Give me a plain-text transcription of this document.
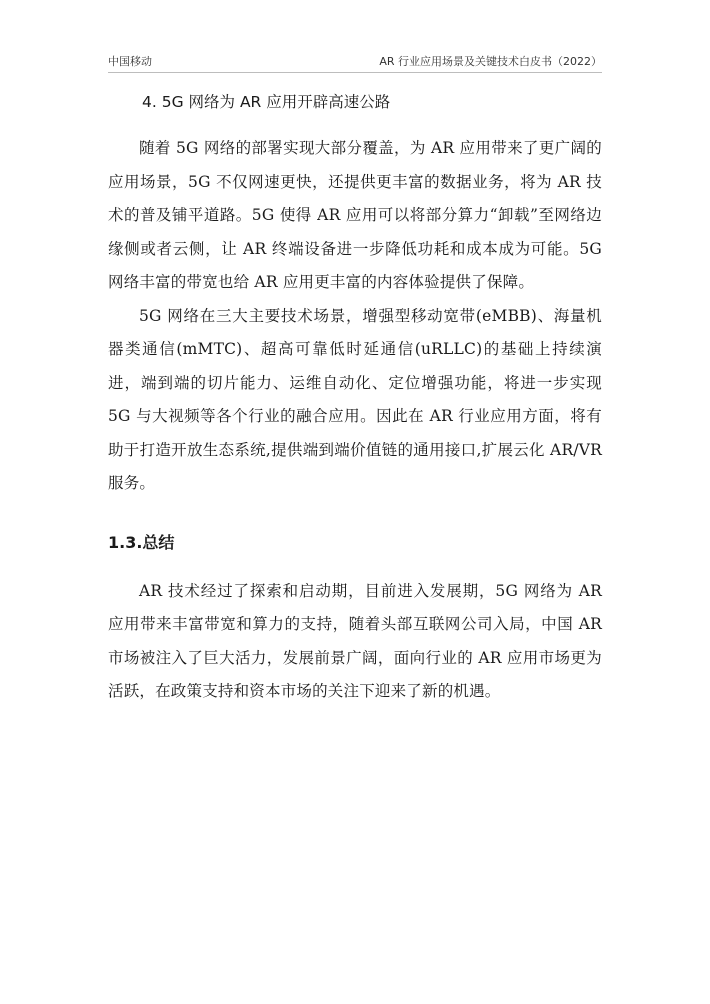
中国移动	AR 行业应用场景及关键技术白皮书（2022）
4. 5G 网络为 AR 应用开辟高速公路

随着 5G 网络的部署实现大部分覆盖，为 AR 应用带来了更广阔的应用场景，5G 不仅网速更快，还提供更丰富的数据业务，将为 AR 技术的普及铺平道路。5G 使得 AR 应用可以将部分算力“卸载”至网络边缘侧或者云侧，让 AR 终端设备进一步降低功耗和成本成为可能。5G 网络丰富的带宽也给 AR 应用更丰富的内容体验提供了保障。

5G 网络在三大主要技术场景，增强型移动宽带(eMBB)、海量机器类通信(mMTC)、超高可靠低时延通信(uRLLC)的基础上持续演进，端到端的切片能力、运维自动化、定位增强功能，将进一步实现 5G 与大视频等各个行业的融合应用。因此在 AR 行业应用方面，将有助于打造开放生态系统,提供端到端价值链的通用接口,扩展云化 AR/VR 服务。

1.3.总结

AR 技术经过了探索和启动期，目前进入发展期，5G 网络为 AR 应用带来丰富带宽和算力的支持，随着头部互联网公司入局，中国 AR 市场被注入了巨大活力，发展前景广阔，面向行业的 AR 应用市场更为活跃，在政策支持和资本市场的关注下迎来了新的机遇。
